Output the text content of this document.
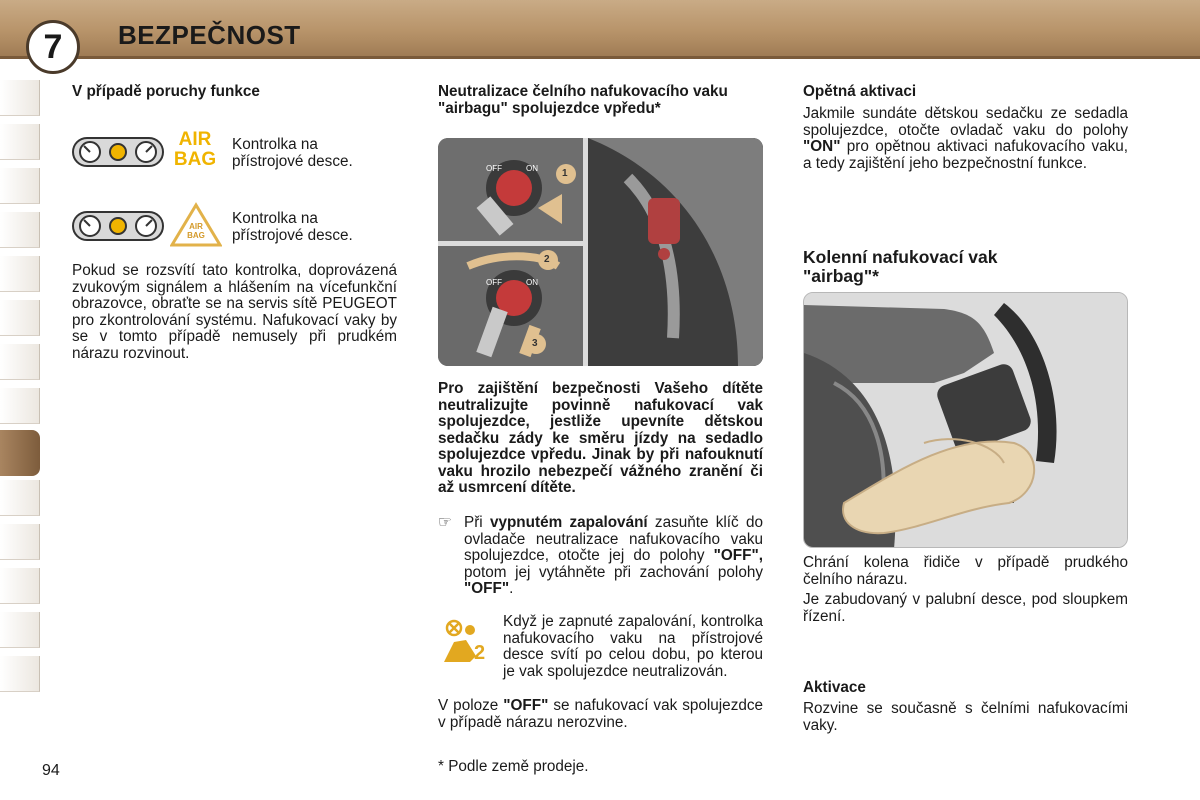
7	BEZPEČNOST
V případě poruchy funkce
AIR
BAG
Kontrolka na
přístrojové desce.
AIR
BAG
Kontrolka na
přístrojové desce.

Pokud se rozsvítí tato kontrolka, doprovázená zvukovým signálem a hlášením na vícefunkční obrazovce, obraťte se na servis sítě PEUGEOT pro zkontrolování systému. Nafukovací vaky by se v tomto případě nemusely při prudkém nárazu rozvinout.

Neutralizace čelního nafukovacího vaku "airbagu" spolujezdce vpředu*
OFF	ON
OFF	ON
1
2
3

Pro zajištění bezpečnosti Vašeho dítěte neutralizujte povinně nafukovací vak spolujezdce, jestliže upevníte dětskou sedačku zády ke směru jízdy na sedadlo spolujezdce vpředu. Jinak by při nafouknutí vaku hrozilo nebezpečí vážného zranění či až usmrcení dítěte.

☞ Při vypnutém zapalování zasuňte klíč do ovladače neutralizace nafukovacího vaku spolujezdce, otočte jej do polohy "OFF", potom jej vytáhněte při zachování polohy "OFF".

2

Když je zapnuté zapalování, kontrolka nafukovacího vaku na přístrojové desce svítí po celou dobu, po kterou je vak spolujezdce neutralizován.

V poloze "OFF" se nafukovací vak spolujezdce v případě nárazu nerozvine.

Opětná aktivaci

Jakmile sundáte dětskou sedačku ze sedadla spolujezdce, otočte ovladač vaku do polohy "ON" pro opětnou aktivaci nafukovacího vaku, a tedy zajištění jeho bezpečnostní funkce.

Kolenní nafukovací vak
"airbag"*

Chrání kolena řidiče v případě prudkého čelního nárazu.

Je zabudovaný v palubní desce, pod sloupkem řízení.

Aktivace

Rozvine se současně s čelními nafukovacími vaky.

94	* Podle země prodeje.
